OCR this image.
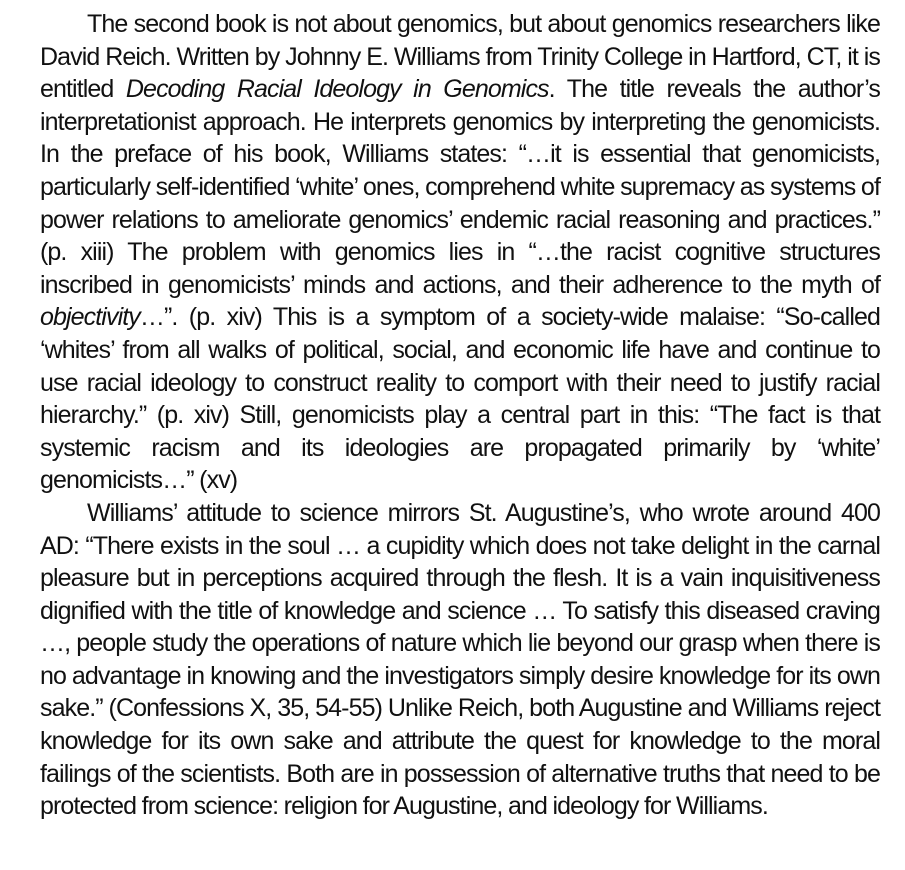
The second book is not about genomics, but about genomics researchers like David Reich. Written by Johnny E. Williams from Trinity College in Hartford, CT, it is entitled Decoding Racial Ideology in Genomics. The title reveals the author’s interpretationist approach. He interprets genomics by interpreting the genomicists. In the preface of his book, Williams states: “…it is essential that genomicists, particularly self-identified ‘white’ ones, comprehend white supremacy as systems of power relations to ameliorate genomics’ endemic racial reasoning and practices.” (p. xiii) The problem with genomics lies in “…the racist cognitive structures inscribed in genomicists’ minds and actions, and their adherence to the myth of objectivity…”. (p. xiv) This is a symptom of a society-wide malaise: “So-called ‘whites’ from all walks of political, social, and economic life have and continue to use racial ideology to construct reality to comport with their need to justify racial hierarchy.” (p. xiv) Still, genomicists play a central part in this: “The fact is that systemic racism and its ideologies are propagated primarily by ‘white’ genomicists…” (xv)

Williams’ attitude to science mirrors St. Augustine’s, who wrote around 400 AD: “There exists in the soul … a cupidity which does not take delight in the carnal pleasure but in perceptions acquired through the flesh. It is a vain inquisitiveness dignified with the title of knowledge and science … To satisfy this diseased craving …, people study the operations of nature which lie beyond our grasp when there is no advantage in knowing and the investigators simply desire knowledge for its own sake.” (Confessions X, 35, 54-55) Unlike Reich, both Augustine and Williams reject knowledge for its own sake and attribute the quest for knowledge to the moral failings of the scientists. Both are in possession of alternative truths that need to be protected from science: religion for Augustine, and ideology for Williams.
